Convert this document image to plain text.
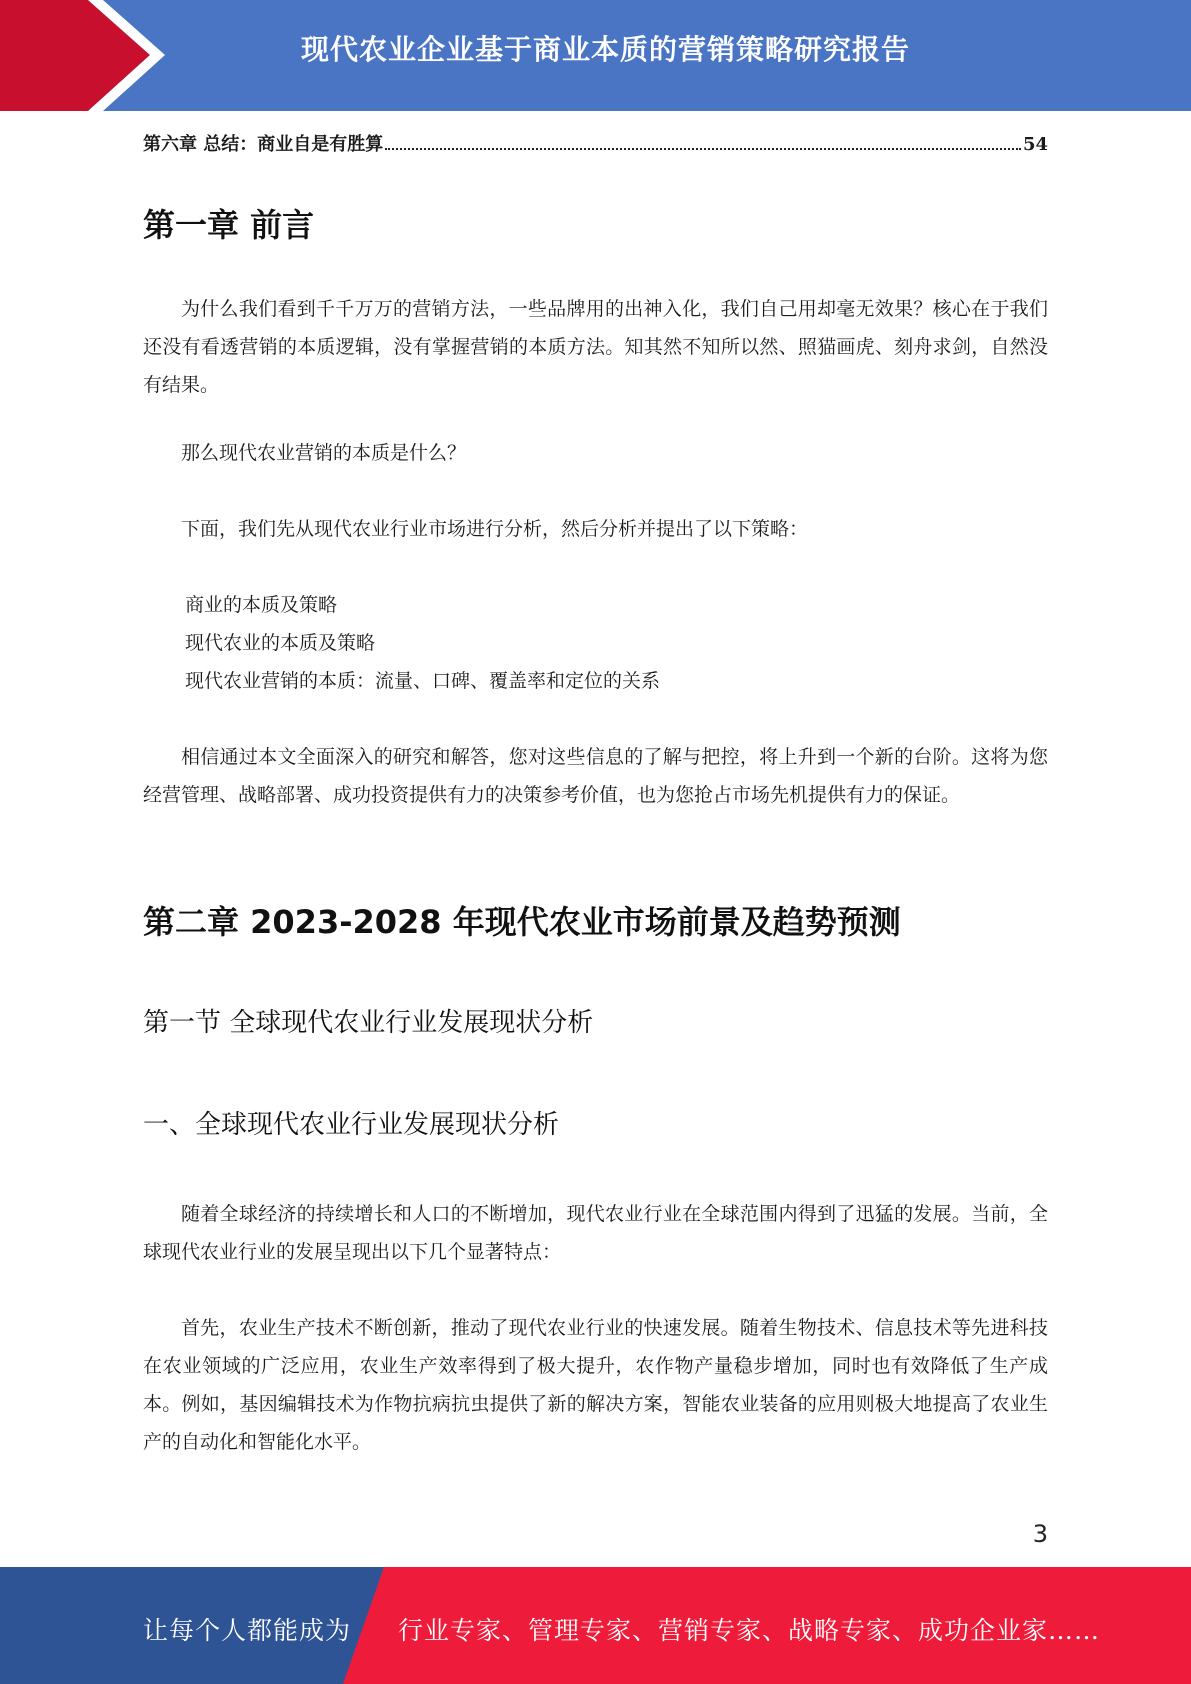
现代农业企业基于商业本质的营销策略研究报告
第六章 总结：商业自是有胜算	54
第一章 前言

为什么我们看到千千万万的营销方法，一些品牌用的出神入化，我们自己用却毫无效果？核心在于我们还没有看透营销的本质逻辑，没有掌握营销的本质方法。知其然不知所以然、照猫画虎、刻舟求剑，自然没有结果。

那么现代农业营销的本质是什么？

下面，我们先从现代农业行业市场进行分析，然后分析并提出了以下策略：

商业的本质及策略

现代农业的本质及策略

现代农业营销的本质：流量、口碑、覆盖率和定位的关系

相信通过本文全面深入的研究和解答，您对这些信息的了解与把控，将上升到一个新的台阶。这将为您经营管理、战略部署、成功投资提供有力的决策参考价值，也为您抢占市场先机提供有力的保证。

第二章 2023-2028 年现代农业市场前景及趋势预测
第一节 全球现代农业行业发展现状分析
一、全球现代农业行业发展现状分析

随着全球经济的持续增长和人口的不断增加，现代农业行业在全球范围内得到了迅猛的发展。当前，全球现代农业行业的发展呈现出以下几个显著特点：

首先，农业生产技术不断创新，推动了现代农业行业的快速发展。随着生物技术、信息技术等先进科技在农业领域的广泛应用，农业生产效率得到了极大提升，农作物产量稳步增加，同时也有效降低了生产成本。例如，基因编辑技术为作物抗病抗虫提供了新的解决方案，智能农业装备的应用则极大地提高了农业生产的自动化和智能化水平。

3
让每个人都能成为 行业专家、管理专家、营销专家、战略专家、成功企业家……
